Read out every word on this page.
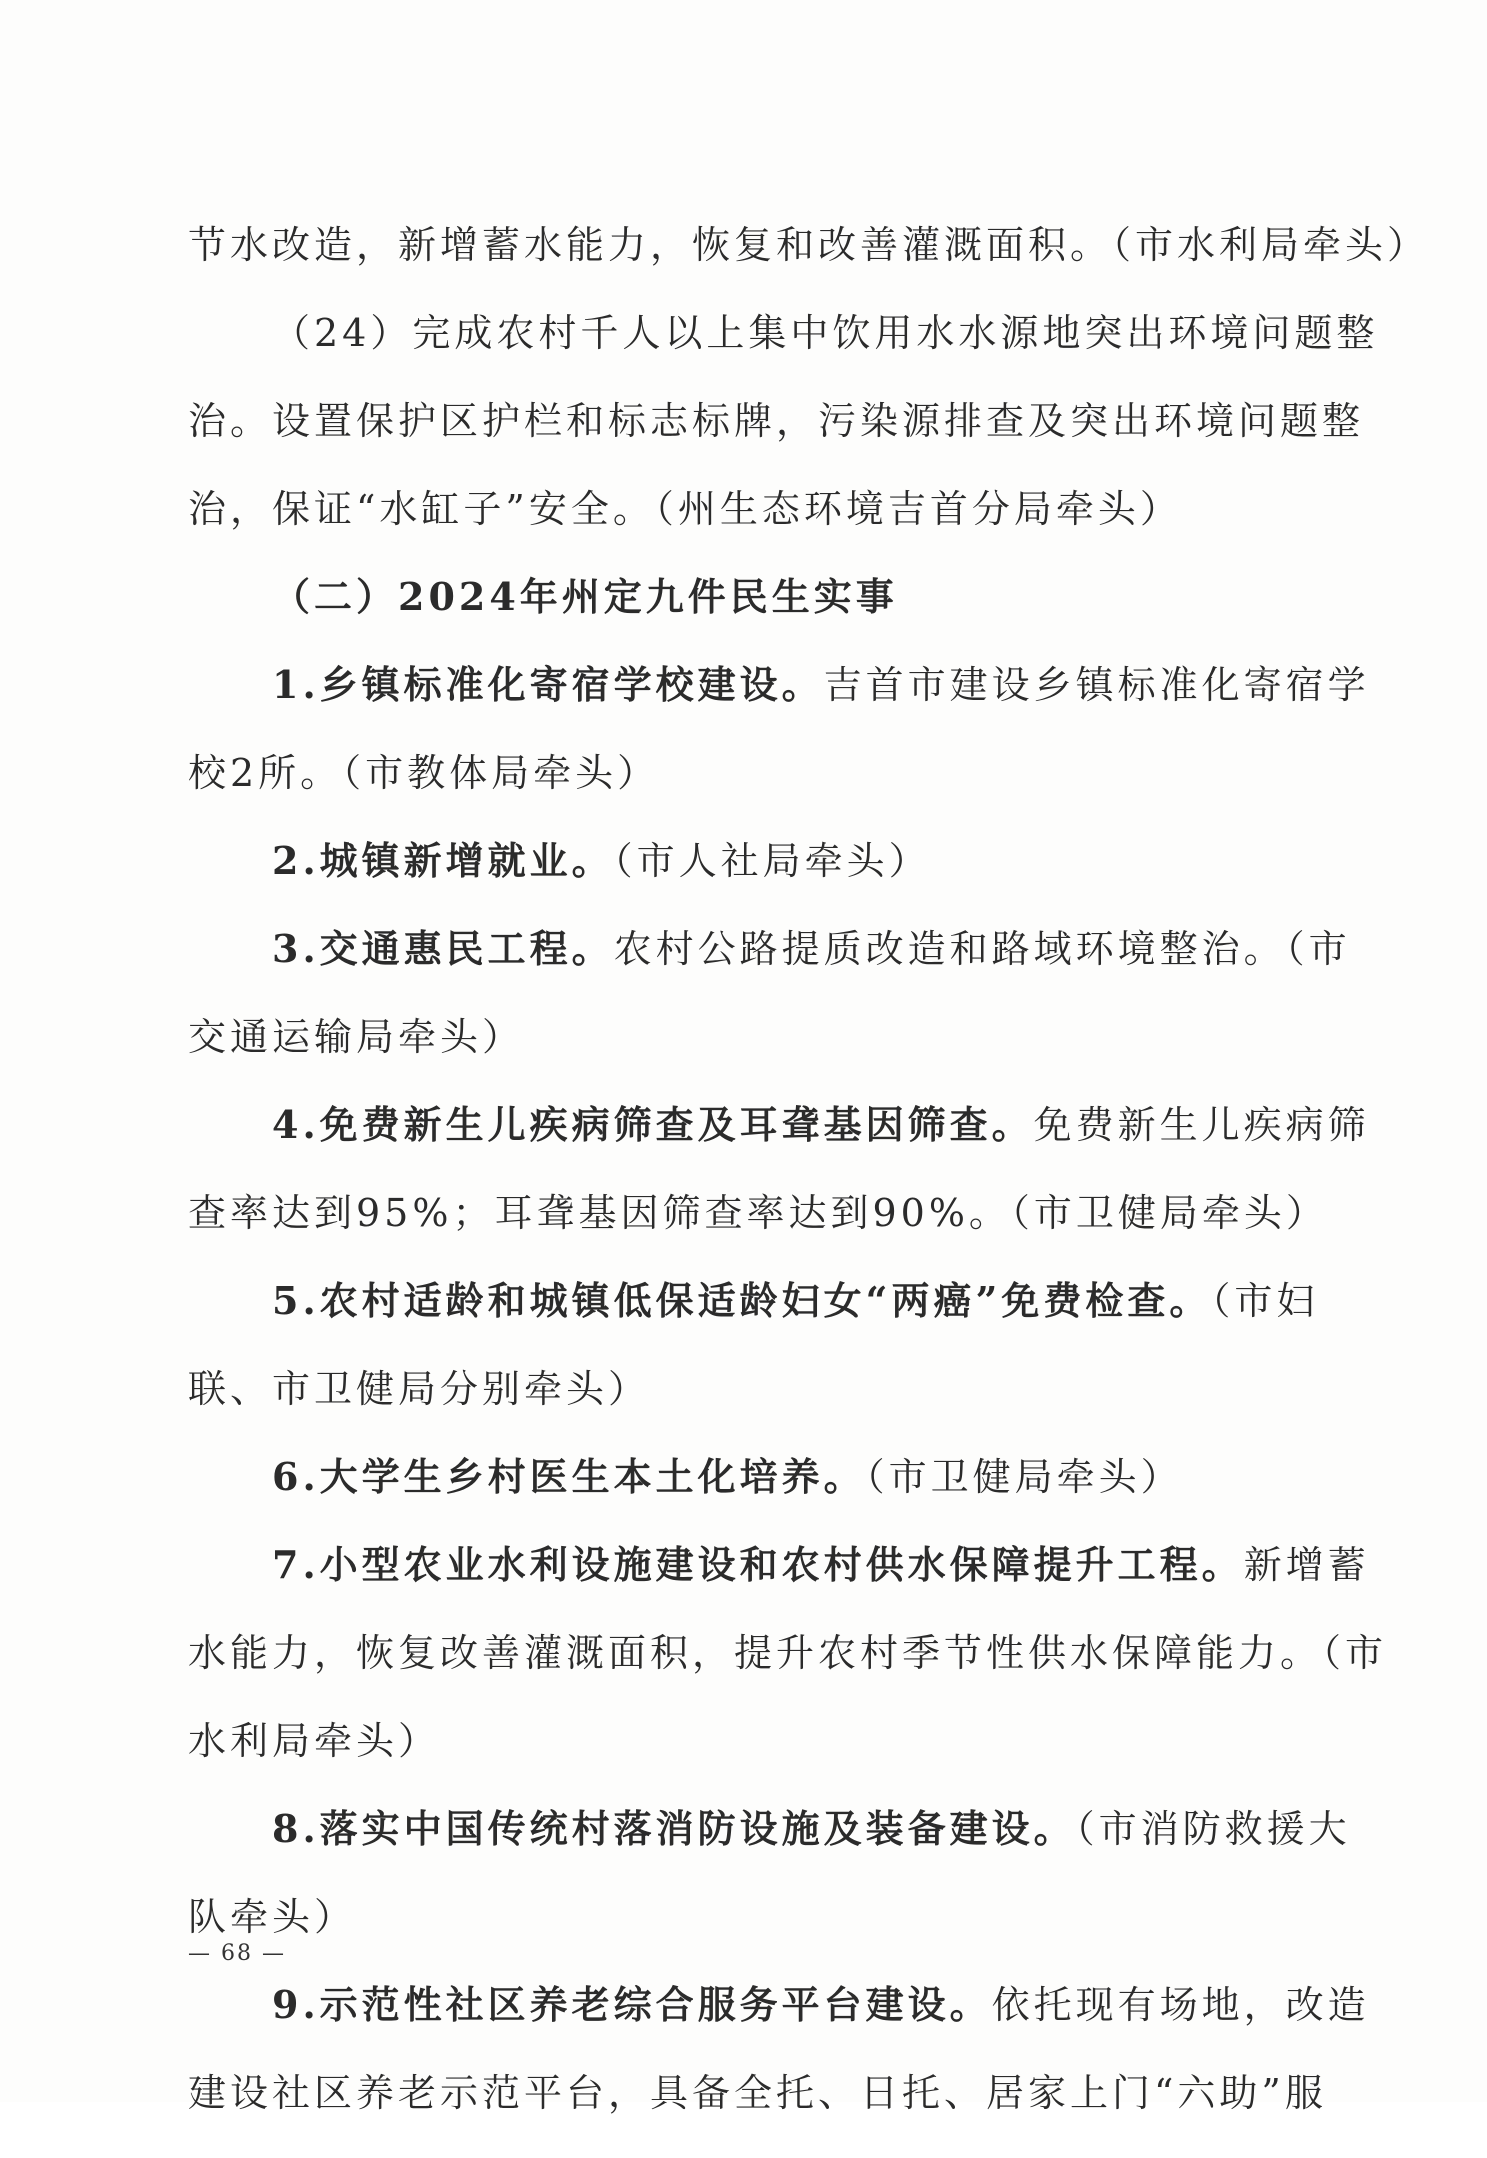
节水改造，新增蓄水能力，恢复和改善灌溉面积。（市水利局牵头）
（24）完成农村千人以上集中饮用水水源地突出环境问题整
治。设置保护区护栏和标志标牌，污染源排查及突出环境问题整
治，保证“水缸子”安全。（州生态环境吉首分局牵头）
（二）2024年州定九件民生实事
1.乡镇标准化寄宿学校建设。吉首市建设乡镇标准化寄宿学
校2所。（市教体局牵头）
2.城镇新增就业。（市人社局牵头）
3.交通惠民工程。农村公路提质改造和路域环境整治。（市
交通运输局牵头）
4.免费新生儿疾病筛查及耳聋基因筛查。免费新生儿疾病筛
查率达到95%；耳聋基因筛查率达到90%。（市卫健局牵头）
5.农村适龄和城镇低保适龄妇女“两癌”免费检查。（市妇
联、市卫健局分别牵头）
6.大学生乡村医生本土化培养。（市卫健局牵头）
7.小型农业水利设施建设和农村供水保障提升工程。新增蓄
水能力，恢复改善灌溉面积，提升农村季节性供水保障能力。（市
水利局牵头）
8.落实中国传统村落消防设施及装备建设。（市消防救援大
队牵头）
9.示范性社区养老综合服务平台建设。依托现有场地，改造
建设社区养老示范平台，具备全托、日托、居家上门“六助”服
— 68 —
